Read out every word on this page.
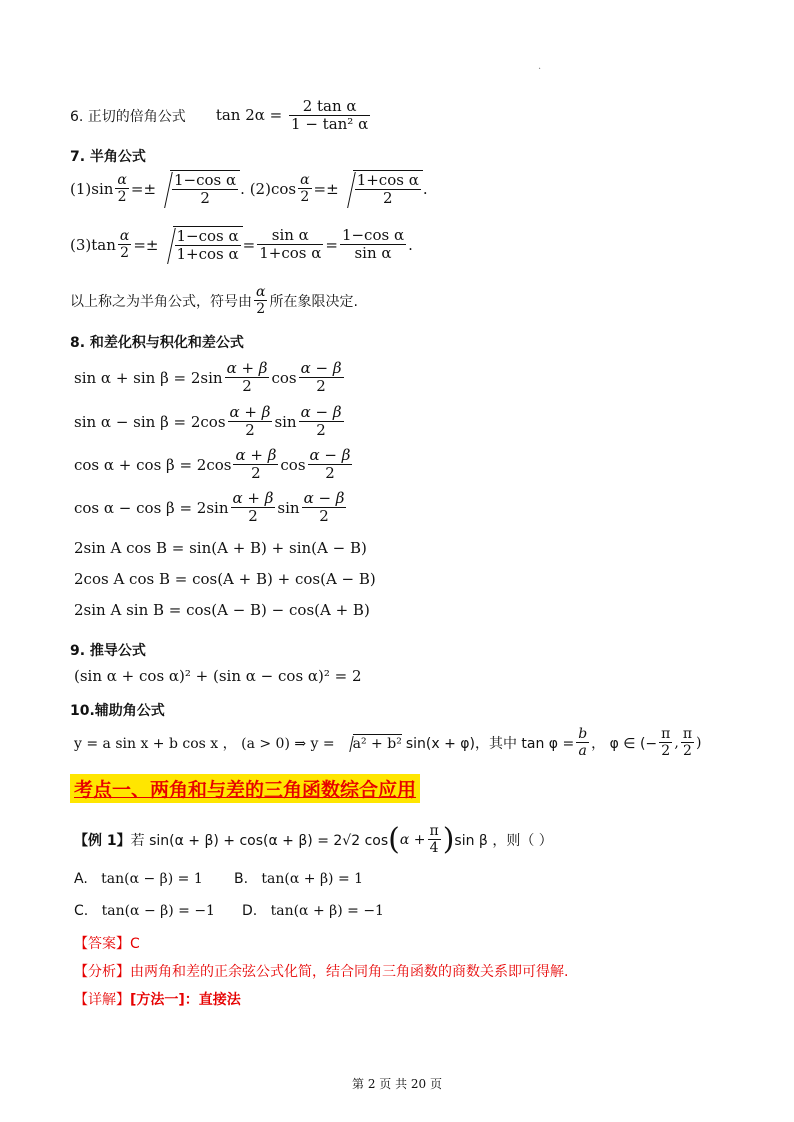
·
6. 正切的倍角公式 $\tan 2\alpha = \frac{\text{2 tan α}}{\text{1 − tan² α}}$
7. 半角公式
$(1)\sin \frac{\alpha}{2} =\pm \frac{\text{1−cos α}}{2}$ . $(2)\cos \frac{\alpha}{2} =\pm \frac{\text{1+cos α}}{2}$ .
$(3)\tan \frac{\alpha}{2} =\pm \frac{\text{1−cos α}}{\text{1+cos α}} = \frac{\text{sin α}}{\text{1+cos α}} = \frac{\text{1−cos α}}{\text{sin α}}$ .
以上称之为半角公式，符号由 $\frac{\alpha}{2}$ 所在象限决定.
8. 和差化积与积化和差公式
$\sin \alpha + \sin \beta = 2\sin \frac{\alpha + \beta}{2}$ $\cos \frac{\alpha - \beta}{2}$
$\sin \alpha - \sin \beta = 2\cos \frac{\alpha + \beta}{2}$ $\sin \frac{\alpha - \beta}{2}$
$\cos \alpha + \cos \beta = 2\cos \frac{\alpha + \beta}{2}$ $\cos \frac{\alpha - \beta}{2}$
$\cos \alpha - \cos \beta = 2\sin \frac{\alpha + \beta}{2}$ $\sin \frac{\alpha - \beta}{2}$
2sin A cos B = sin(A + B) + sin(A − B)
2cos A cos B = cos(A + B) + cos(A − B)
2sin A sin B = cos(A − B) − cos(A + B)
9. 推导公式
(sin α + cos α)² + (sin α − cos α)² = 2
10.辅助角公式
y = a sin x + b cos x ， (a > 0) ⇒ y =	a² + b² sin(x + φ)，其中 $\tan \varphi = \frac{b}{a}$ ， φ ∈ (− $\frac{\pi}{2}$ , $\frac{\pi}{2}$ )
考点一、两角和与差的三角函数综合应用
【例 1】 若 sin(α + β) + cos(α + β) = 2√2 cos ( $\alpha + \frac{\pi}{4}$ ) sin β ，则（ ）
A. tan(α − β) = 1 B. tan(α + β) = 1
C. tan(α − β) = −1 D. tan(α + β) = −1
【答案】C
【分析】由两角和差的正余弦公式化简，结合同角三角函数的商数关系即可得解.
【详解】[方法一]：直接法
第 2 页 共 20 页
